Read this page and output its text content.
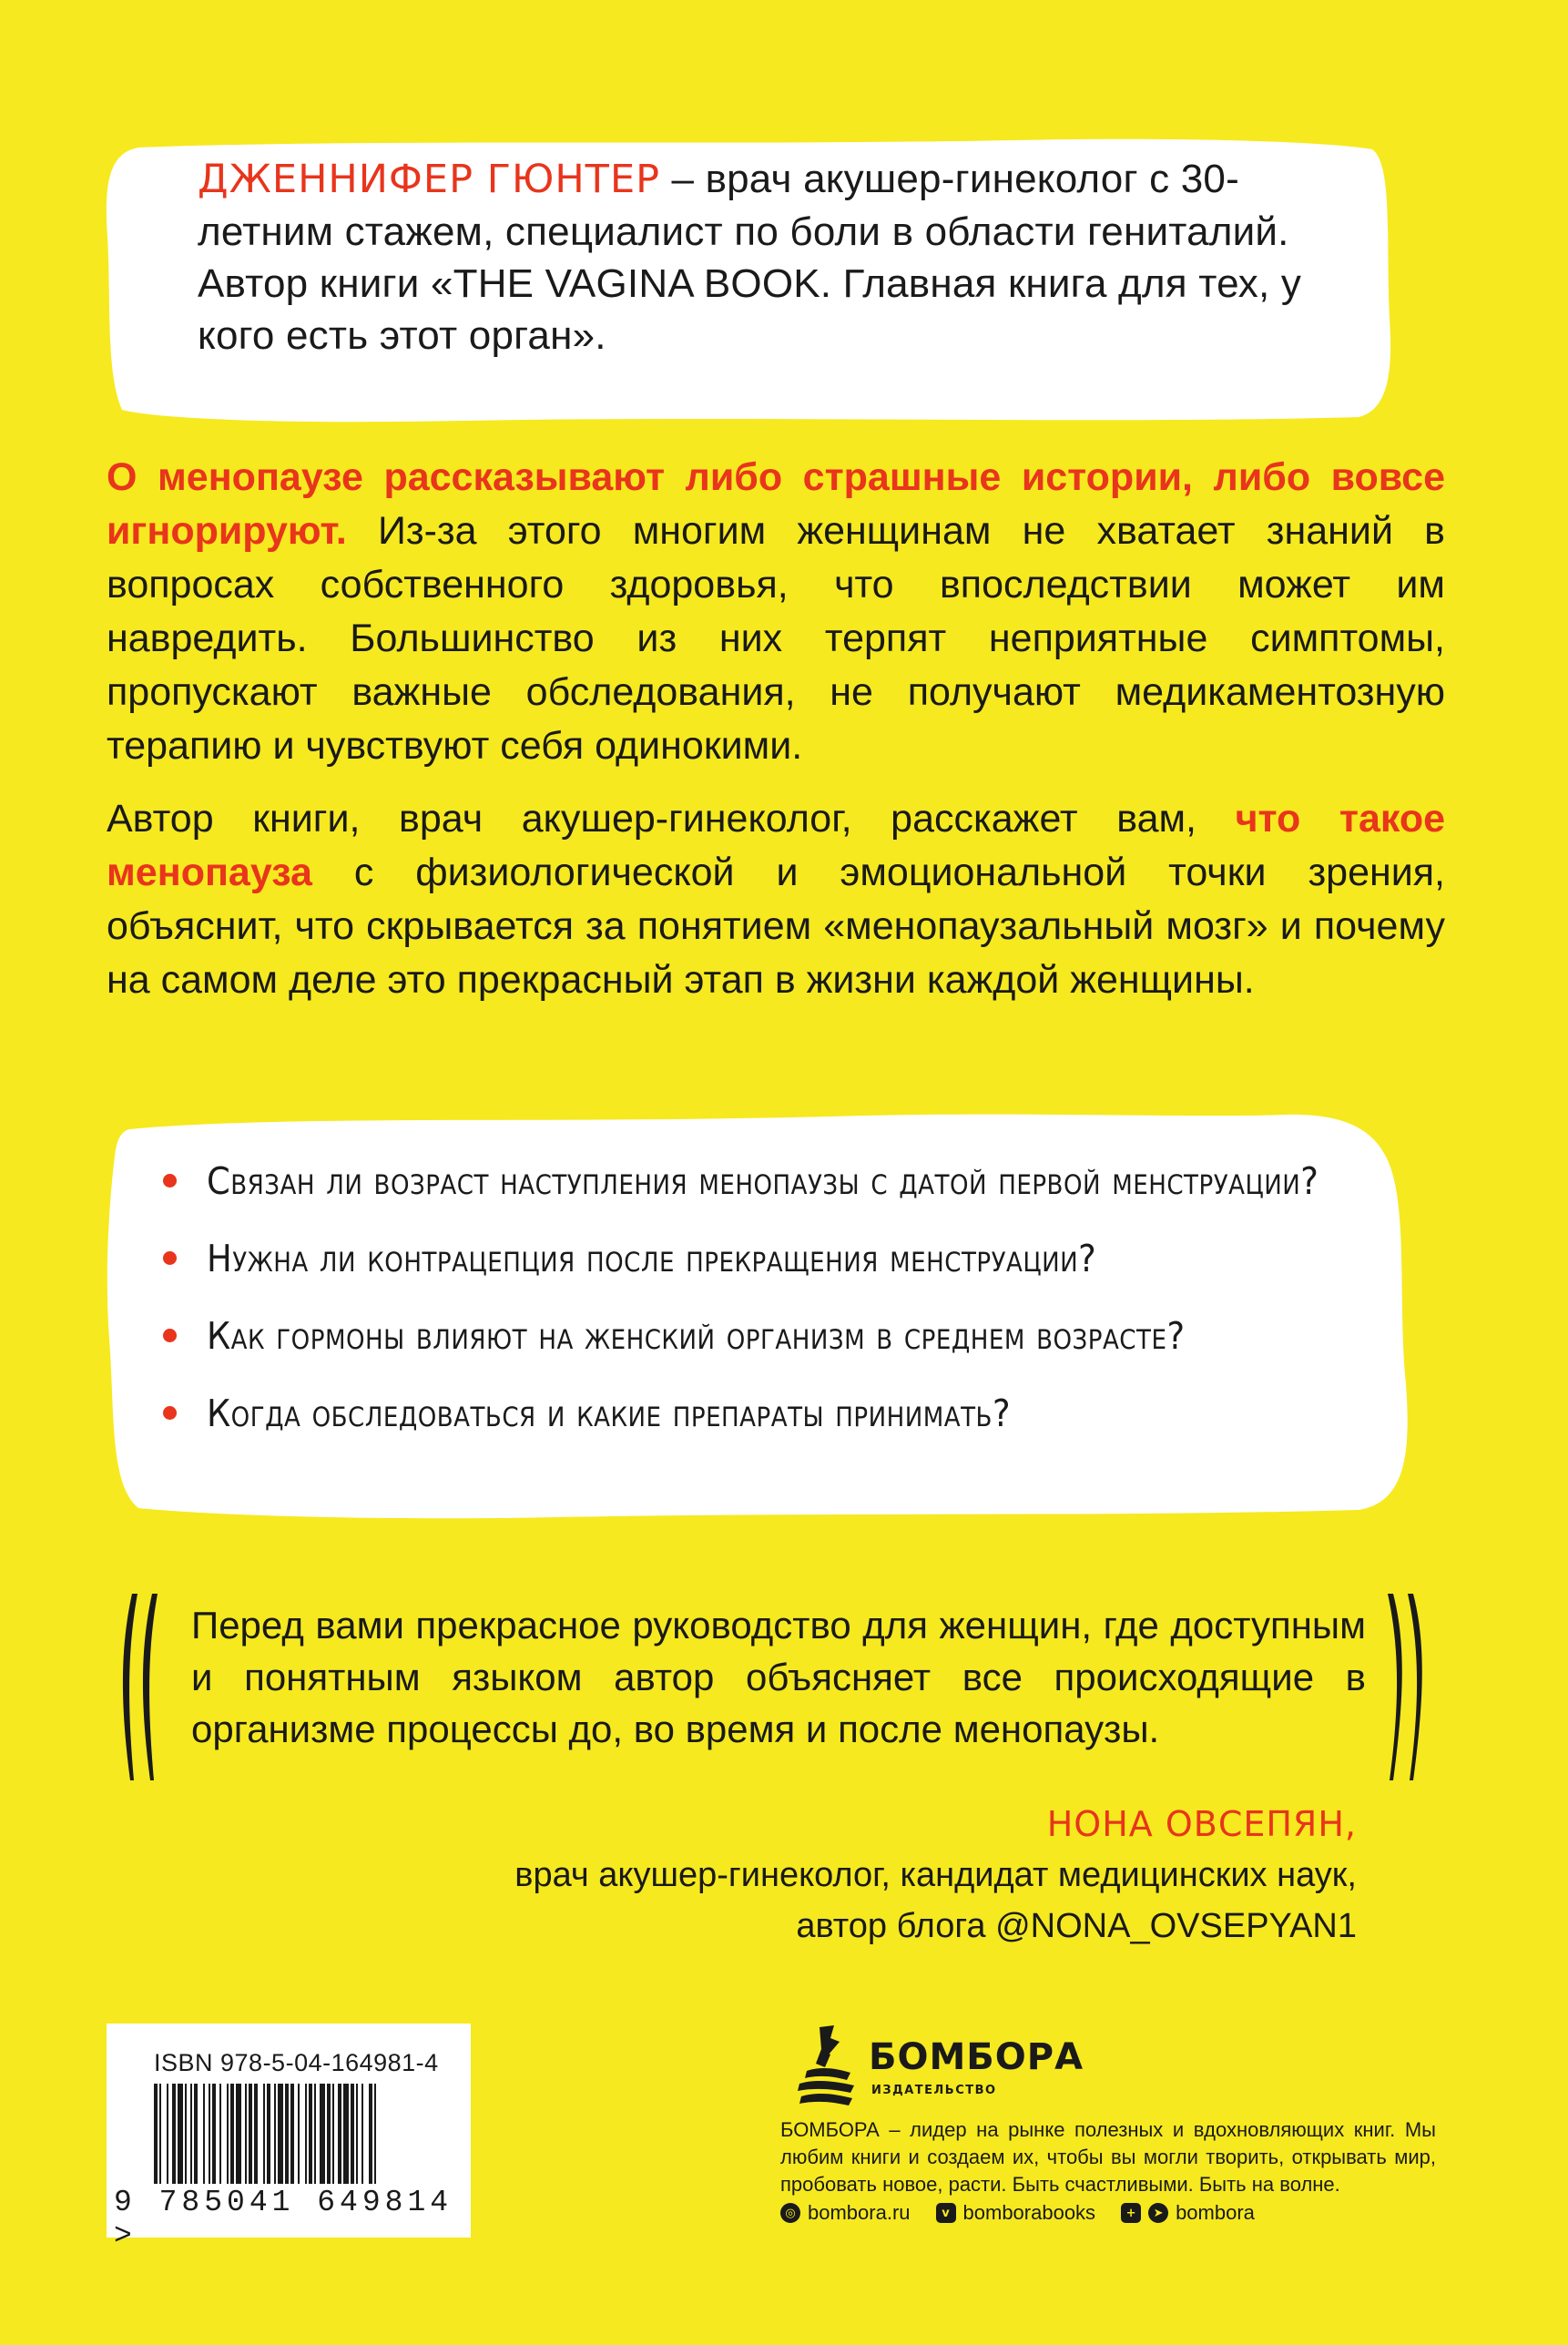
ДЖЕННИФЕР ГЮНТЕР – врач акушер-гинеколог с 30-летним стажем, специалист по боли в области гениталий. Автор книги «THE VAGINA BOOK. Главная книга для тех, у кого есть этот орган».
О менопаузе рассказывают либо страшные истории, либо вовсе игнорируют. Из-за этого многим женщинам не хватает знаний в вопросах собственного здоровья, что впоследствии может им навредить. Большинство из них терпят неприятные симптомы, пропускают важные обследования, не получают медикаментозную терапию и чувствуют себя одинокими.
Автор книги, врач акушер-гинеколог, расскажет вам, что такое менопауза с физиологической и эмоциональной точки зрения, объяснит, что скрывается за понятием «менопаузальный мозг» и почему на самом деле это прекрасный этап в жизни каждой женщины.
Связан ли возраст наступления менопаузы с датой первой менструации?
Нужна ли контрацепция после прекращения менструации?
Как гормоны влияют на женский организм в среднем возрасте?
Когда обследоваться и какие препараты принимать?
Перед вами прекрасное руководство для женщин, где доступным и понятным языком автор объясняет все происходящие в организме процессы до, во время и после менопаузы.
НОНА ОВСЕПЯН,
врач акушер-гинеколог, кандидат медицинских наук,
автор блога @NONA_OVSEPYAN1
ISBN 978-5-04-164981-4
9 785041 649814 >
БОМБОРА
ИЗДАТЕЛЬСТВО
БОМБОРА – лидер на рынке полезных и вдохновляющих книг. Мы любим книги и создаем их, чтобы вы могли творить, открывать мир, пробовать новое, расти. Быть счастливыми. Быть на волне.
◎ bombora.ru	v bomborabooks	+	➤ bombora
